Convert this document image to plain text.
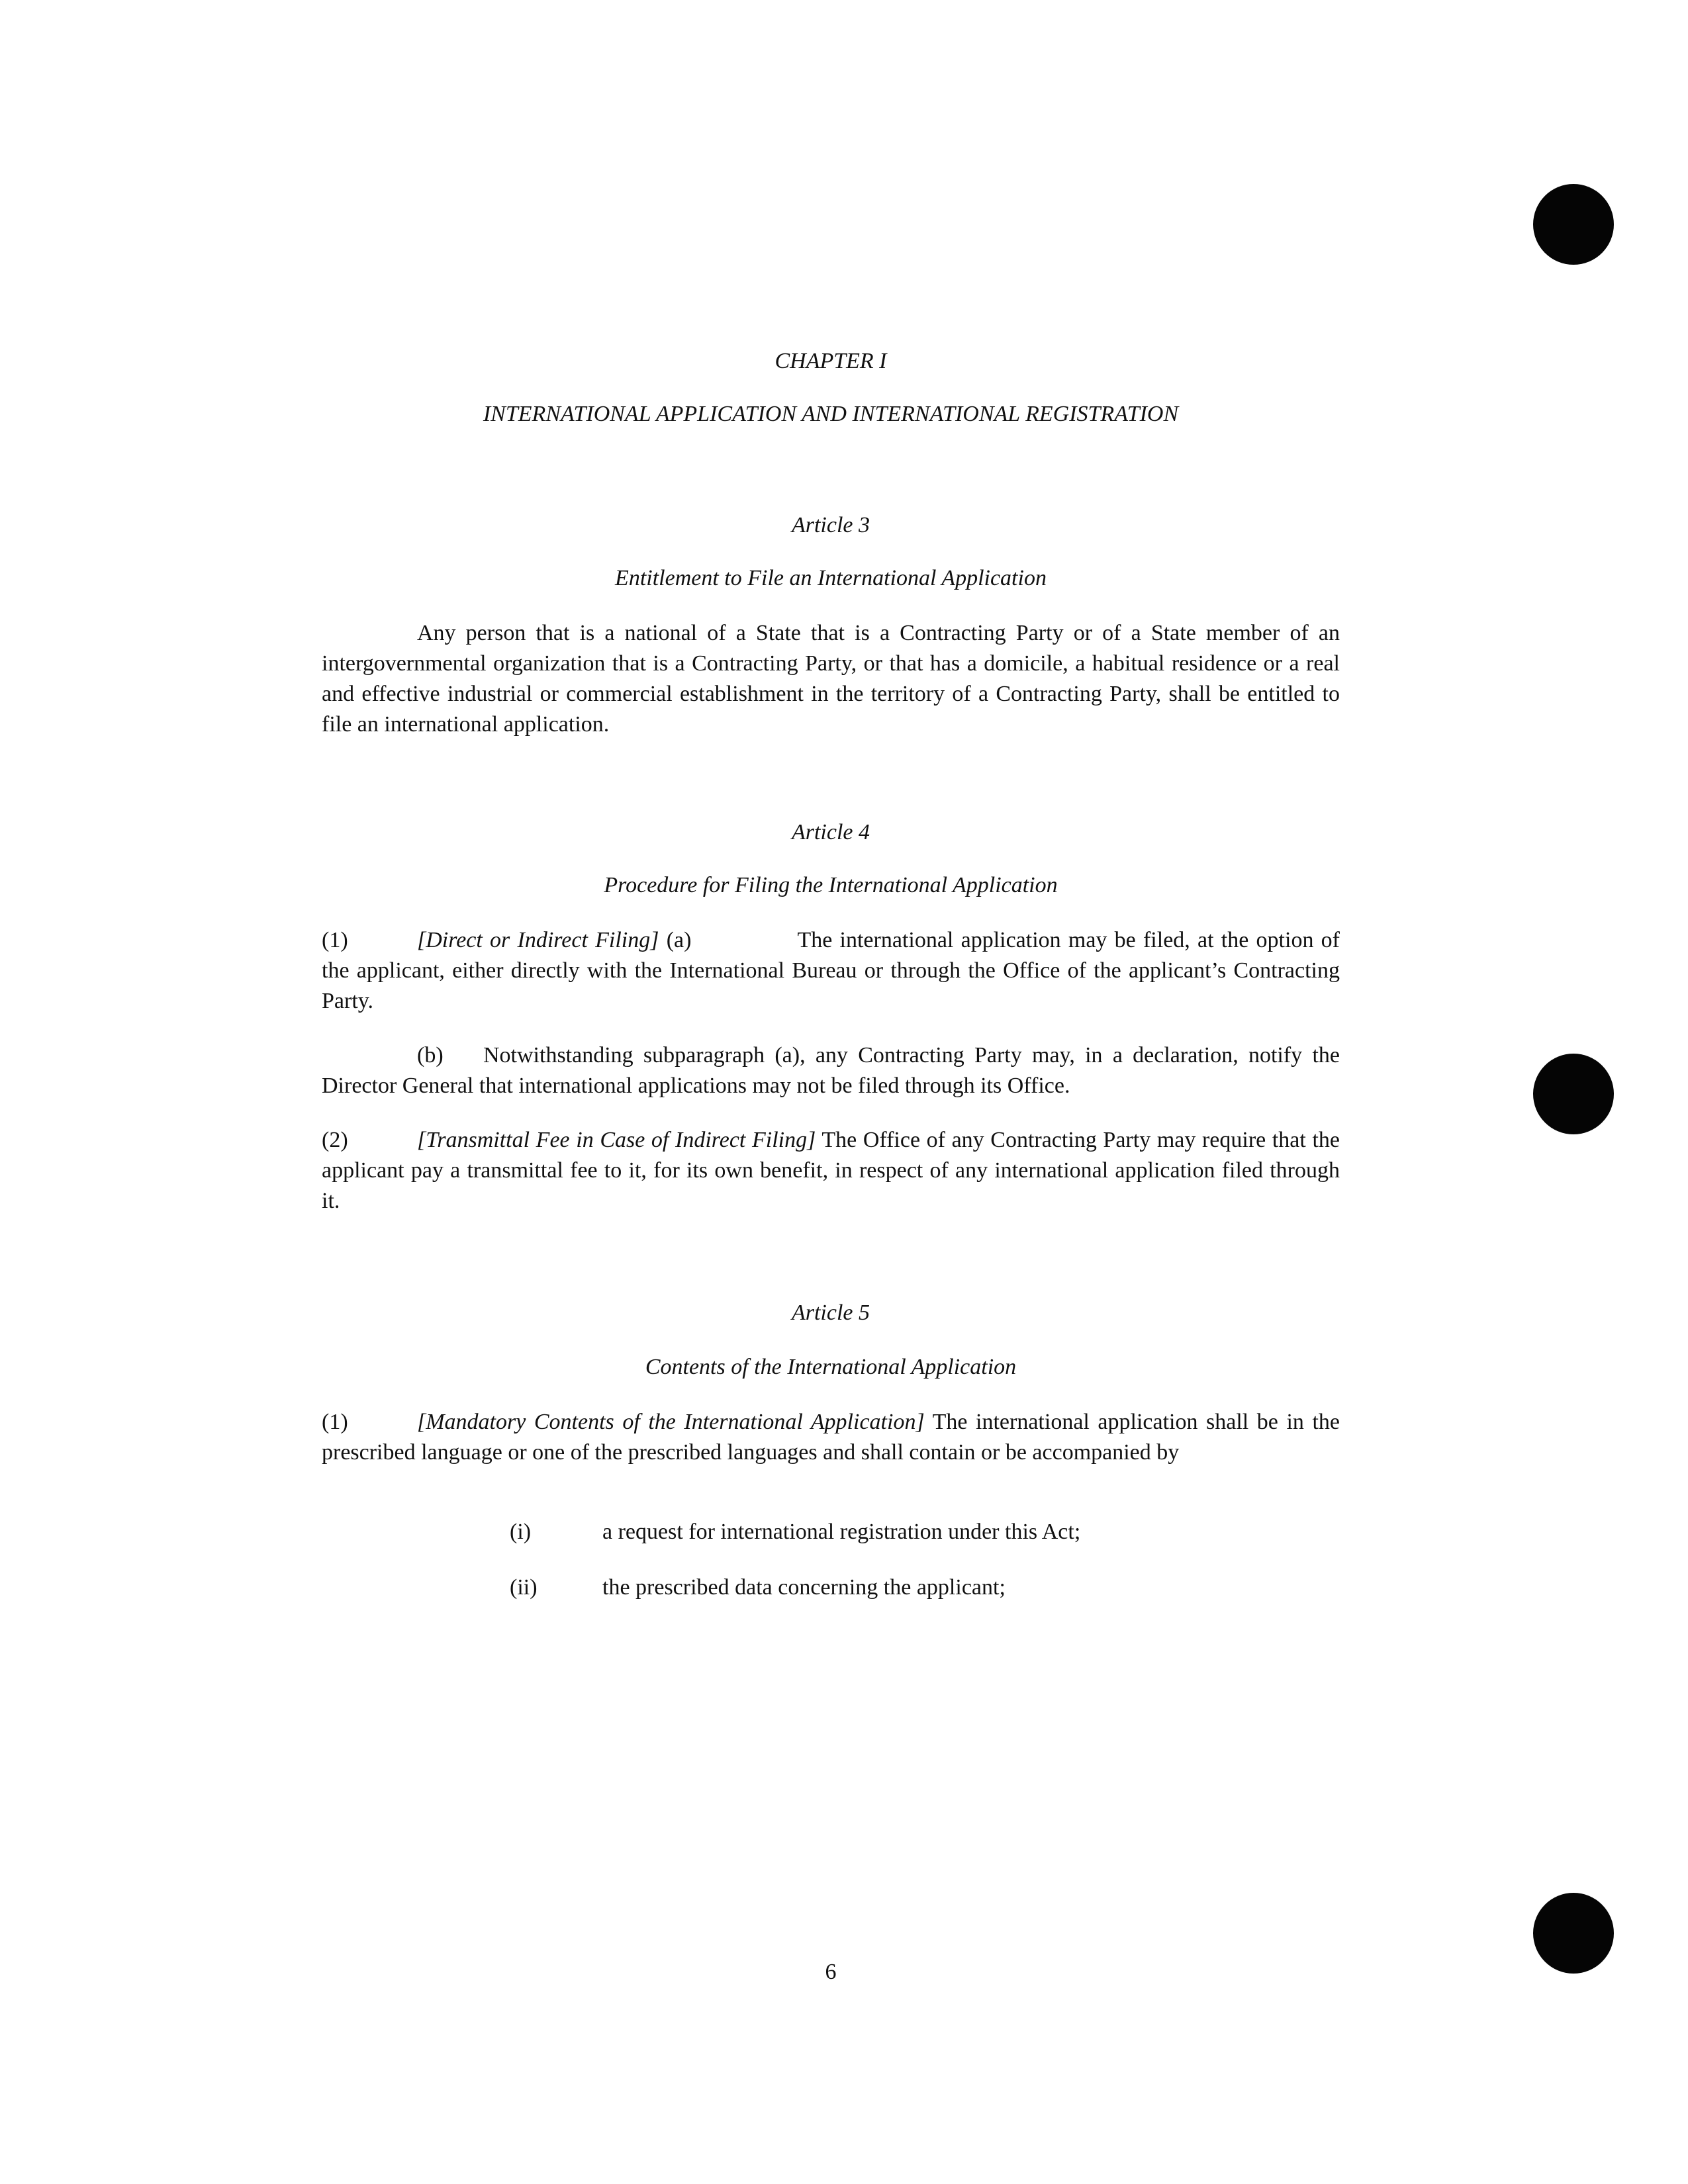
CHAPTER I
INTERNATIONAL APPLICATION AND INTERNATIONAL REGISTRATION
Article 3
Entitlement to File an International Application
Any person that is a national of a State that is a Contracting Party or of a State member of an intergovernmental organization that is a Contracting Party, or that has a domicile, a habitual residence or a real and effective industrial or commercial establishment in the territory of a Contracting Party, shall be entitled to file an international application.
Article 4
Procedure for Filing the International Application
(1)	[Direct or Indirect Filing] (a)	The international application may be filed, at the option of the applicant, either directly with the International Bureau or through the Office of the applicant’s Contracting Party.
(b) Notwithstanding subparagraph (a), any Contracting Party may, in a declaration, notify the Director General that international applications may not be filed through its Office.
(2)	[Transmittal Fee in Case of Indirect Filing] The Office of any Contracting Party may require that the applicant pay a transmittal fee to it, for its own benefit, in respect of any international application filed through it.
Article 5
Contents of the International Application
(1)	[Mandatory Contents of the International Application] The international application shall be in the prescribed language or one of the prescribed languages and shall contain or be accompanied by
(i)	a request for international registration under this Act;
(ii)	the prescribed data concerning the applicant;
6
